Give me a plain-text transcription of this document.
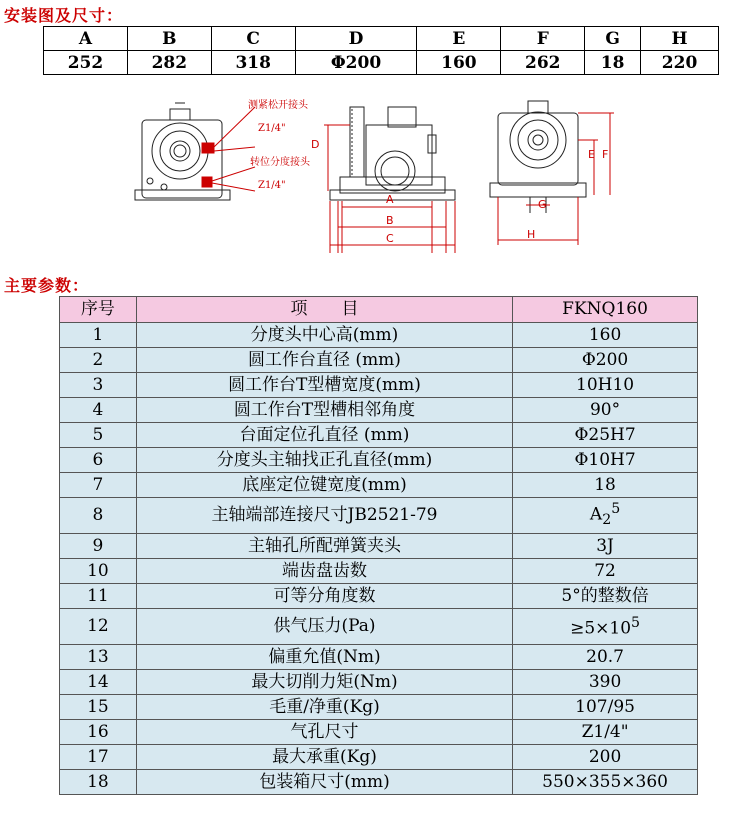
安装图及尺寸：
A	B	C	D	E	F	G	H
252	282	318	Φ200	160	262	18	220
测紧松开接头
转位分度接头
Z1/4"
Z1/4"
D
A
B
C
E F
G
H
主要参数：
序号	项　　目	FKNQ160
1	分度头中心高(mm)	160
2	圆工作台直径 (mm)	Φ200
3	圆工作台T型槽宽度(mm)	10H10
4	圆工作台T型槽相邻角度	90°
5	台面定位孔直径 (mm)	Φ25H7
6	分度头主轴找正孔直径(mm)	Φ10H7
7	底座定位键宽度(mm)	18
8	主轴端部连接尺寸JB2521-79	$A_2^5$
9	主轴孔所配弹簧夹头	3J
10	端齿盘齿数	72
11	可等分角度数	5°的整数倍
12	供气压力(Pa)	$\ge 5\times 10^5$
13	偏重允值(Nm)	20.7
14	最大切削力矩(Nm)	390
15	毛重/净重(Kg)	107/95
16	气孔尺寸	Z1/4"
17	最大承重(Kg)	200
18	包装箱尺寸(mm)	550×355×360
